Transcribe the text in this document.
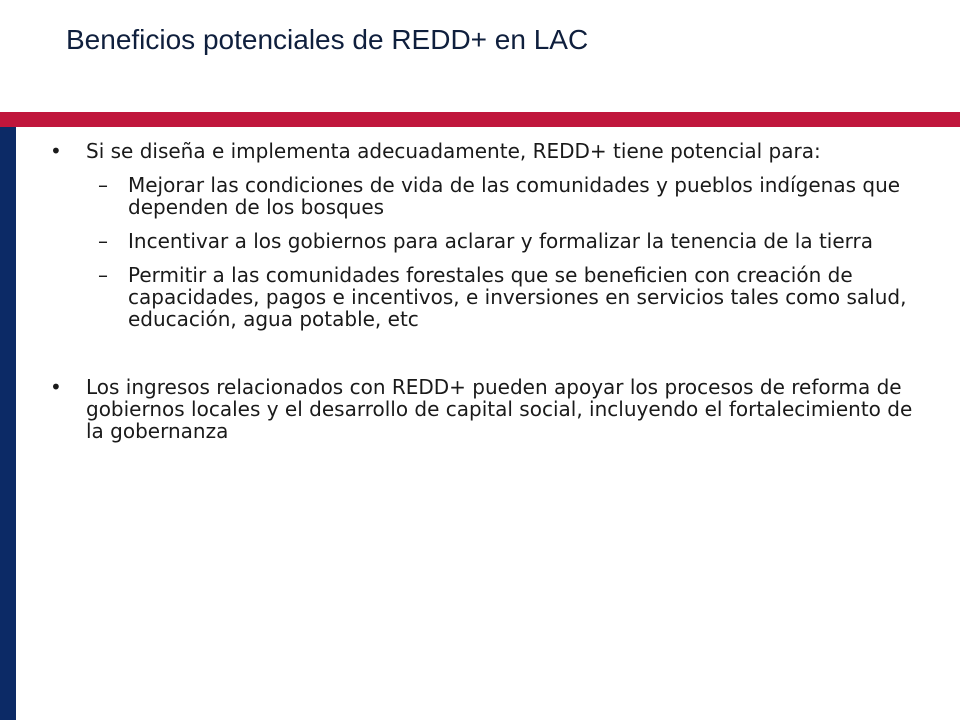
Beneficios potenciales de REDD+ en LAC
•	Si se diseña e implementa adecuadamente, REDD+ tiene potencial para:
– Mejorar las condiciones de vida de las comunidades y pueblos indígenas que dependen de los bosques
– Incentivar a los gobiernos para aclarar y formalizar la tenencia de la tierra
– Permitir a las comunidades forestales que se beneficien con creación de capacidades, pagos e incentivos, e inversiones en servicios tales como salud, educación, agua potable, etc
•	Los ingresos relacionados con REDD+ pueden apoyar los procesos de reforma de gobiernos locales y el desarrollo de capital social, incluyendo el fortalecimiento de la gobernanza
